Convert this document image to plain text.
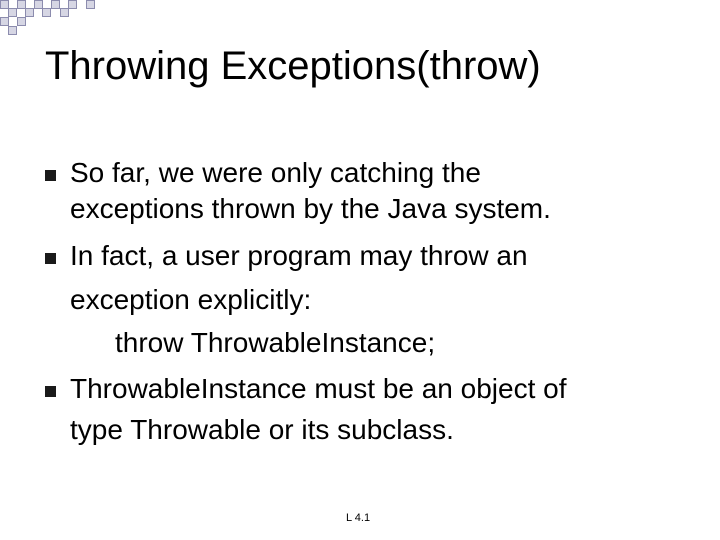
Throwing Exceptions(throw)
So far, we were only catching the
exceptions thrown by the Java system.
In fact, a user program may throw an
exception explicitly:
throw ThrowableInstance;
ThrowableInstance must be an object of
type Throwable or its subclass.
L 4.1
